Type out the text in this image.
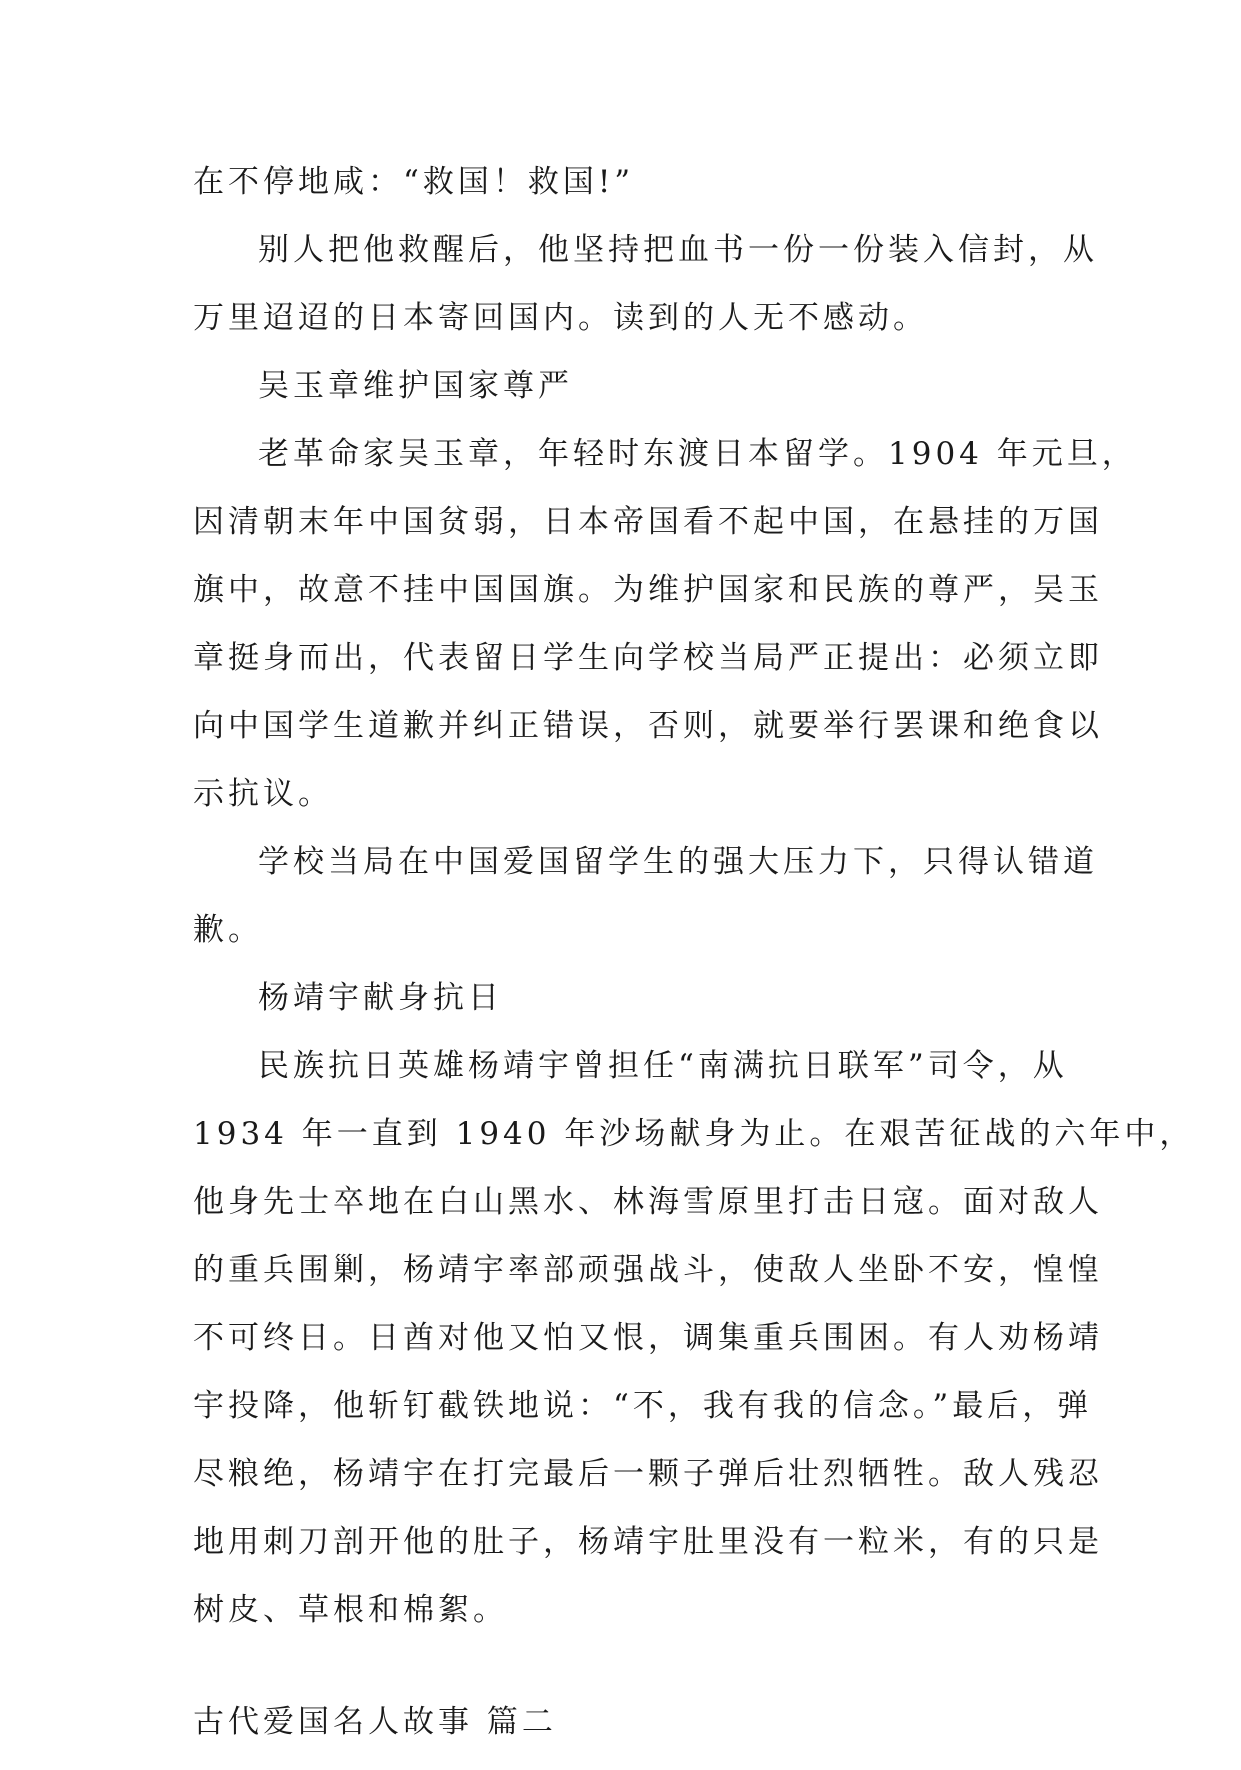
在不停地咸：“救国！救国!”
别人把他救醒后，他坚持把血书一份一份装入信封，从
万里迢迢的日本寄回国内。读到的人无不感动。
吴玉章维护国家尊严
老革命家吴玉章，年轻时东渡日本留学。1904 年元旦，
因清朝末年中国贫弱，日本帝国看不起中国，在悬挂的万国
旗中，故意不挂中国国旗。为维护国家和民族的尊严，吴玉
章挺身而出，代表留日学生向学校当局严正提出：必须立即
向中国学生道歉并纠正错误，否则，就要举行罢课和绝食以
示抗议。
学校当局在中国爱国留学生的强大压力下，只得认错道
歉。
杨靖宇献身抗日
民族抗日英雄杨靖宇曾担任“南满抗日联军”司令，从
1934 年一直到 1940 年沙场献身为止。在艰苦征战的六年中，
他身先士卒地在白山黑水、林海雪原里打击日寇。面对敌人
的重兵围剿，杨靖宇率部顽强战斗，使敌人坐卧不安，惶惶
不可终日。日酋对他又怕又恨，调集重兵围困。有人劝杨靖
宇投降，他斩钉截铁地说：“不，我有我的信念。”最后，弹
尽粮绝，杨靖宇在打完最后一颗子弹后壮烈牺牲。敌人残忍
地用刺刀剖开他的肚子，杨靖宇肚里没有一粒米，有的只是
树皮、草根和棉絮。
古代爱国名人故事 篇二
